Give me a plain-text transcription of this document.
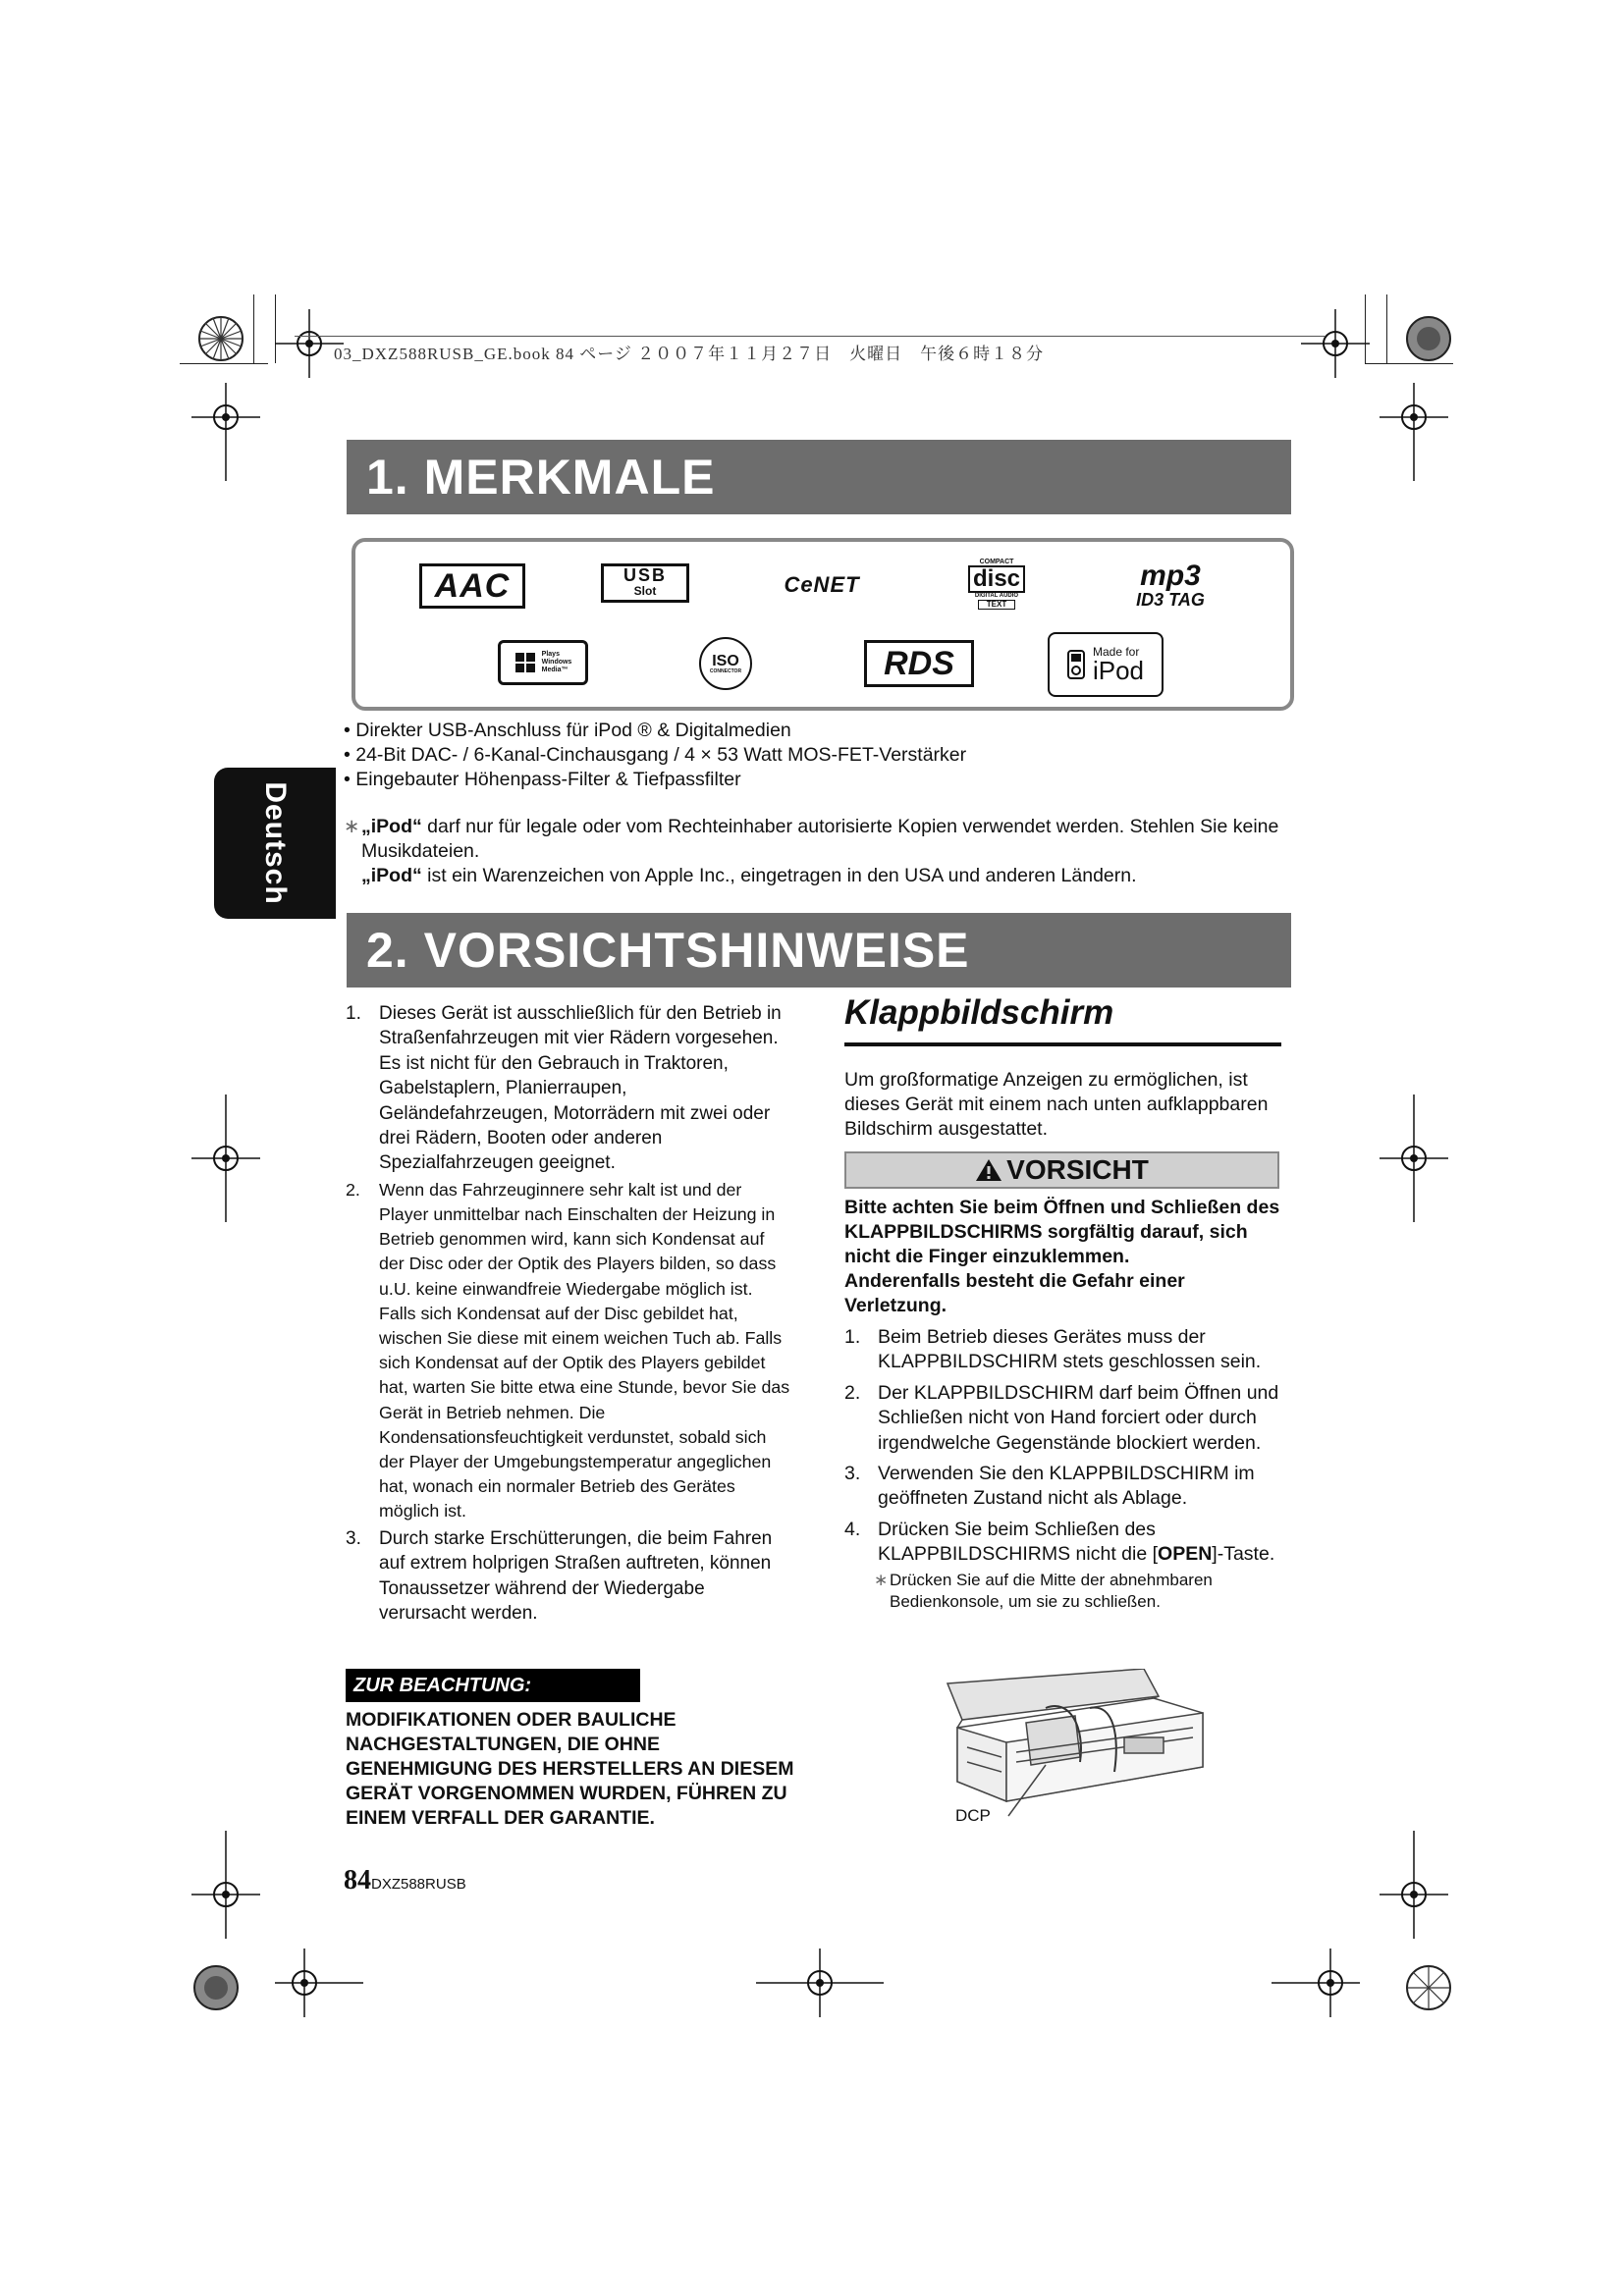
03_DXZ588RUSB_GE.book 84 ページ ２００７年１１月２７日　火曜日　午後６時１８分
1. MERKMALE
AAC	USB
Slot	CeNET
COMPACT
disc
DIGITAL AUDIO
TEXT
mp3
ID3 TAG
Plays
Windows
Media™
ISO
CONNECTOR	RDS	Made for
iPod
• Direkter USB-Anschluss für iPod ® & Digitalmedien
• 24-Bit DAC- / 6-Kanal-Cinchausgang / 4 × 53 Watt MOS-FET-Verstärker
• Eingebauter Höhenpass-Filter & Tiefpassfilter
∗ „iPod“ darf nur für legale oder vom Rechteinhaber autorisierte Kopien verwendet werden. Stehlen Sie keine Musikdateien.
„iPod“ ist ein Warenzeichen von Apple Inc., eingetragen in den USA und anderen Ländern.
Deutsch
2. VORSICHTSHINWEISE
1. Dieses Gerät ist ausschließlich für den Betrieb in Straßenfahrzeugen mit vier Rädern vorgesehen. Es ist nicht für den Gebrauch in Traktoren, Gabelstaplern, Planierraupen, Geländefahrzeugen, Motorrädern mit zwei oder drei Rädern, Booten oder anderen Spezialfahrzeugen geeignet.
2. Wenn das Fahrzeuginnere sehr kalt ist und der Player unmittelbar nach Einschalten der Heizung in Betrieb genommen wird, kann sich Kondensat auf der Disc oder der Optik des Players bilden, so dass u.U. keine einwandfreie Wiedergabe möglich ist. Falls sich Kondensat auf der Disc gebildet hat, wischen Sie diese mit einem weichen Tuch ab. Falls sich Kondensat auf der Optik des Players gebildet hat, warten Sie bitte etwa eine Stunde, bevor Sie das Gerät in Betrieb nehmen. Die Kondensationsfeuchtigkeit verdunstet, sobald sich der Player der Umgebungstemperatur angeglichen hat, wonach ein normaler Betrieb des Gerätes möglich ist.
3. Durch starke Erschütterungen, die beim Fahren auf extrem holprigen Straßen auftreten, können Tonaussetzer während der Wiedergabe verursacht werden.
ZUR BEACHTUNG:
MODIFIKATIONEN ODER BAULICHE NACHGESTALTUNGEN, DIE OHNE GENEHMIGUNG DES HERSTELLERS AN DIESEM GERÄT VORGENOMMEN WURDEN, FÜHREN ZU EINEM VERFALL DER GARANTIE.
Klappbildschirm
Um großformatige Anzeigen zu ermöglichen, ist dieses Gerät mit einem nach unten aufklappbaren Bildschirm ausgestattet.
VORSICHT
Bitte achten Sie beim Öffnen und Schließen des KLAPPBILDSCHIRMS sorgfältig darauf, sich nicht die Finger einzuklemmen.
Anderenfalls besteht die Gefahr einer Verletzung.
1. Beim Betrieb dieses Gerätes muss der KLAPPBILDSCHIRM stets geschlossen sein.
2. Der KLAPPBILDSCHIRM darf beim Öffnen und Schließen nicht von Hand forciert oder durch irgendwelche Gegenstände blockiert werden.
3. Verwenden Sie den KLAPPBILDSCHIRM im geöffneten Zustand nicht als Ablage.
4. Drücken Sie beim Schließen des KLAPPBILDSCHIRMS nicht die [OPEN]-Taste.
∗ Drücken Sie auf die Mitte der abnehmbaren Bedienkonsole, um sie zu schließen.
DCP
84DXZ588RUSB
